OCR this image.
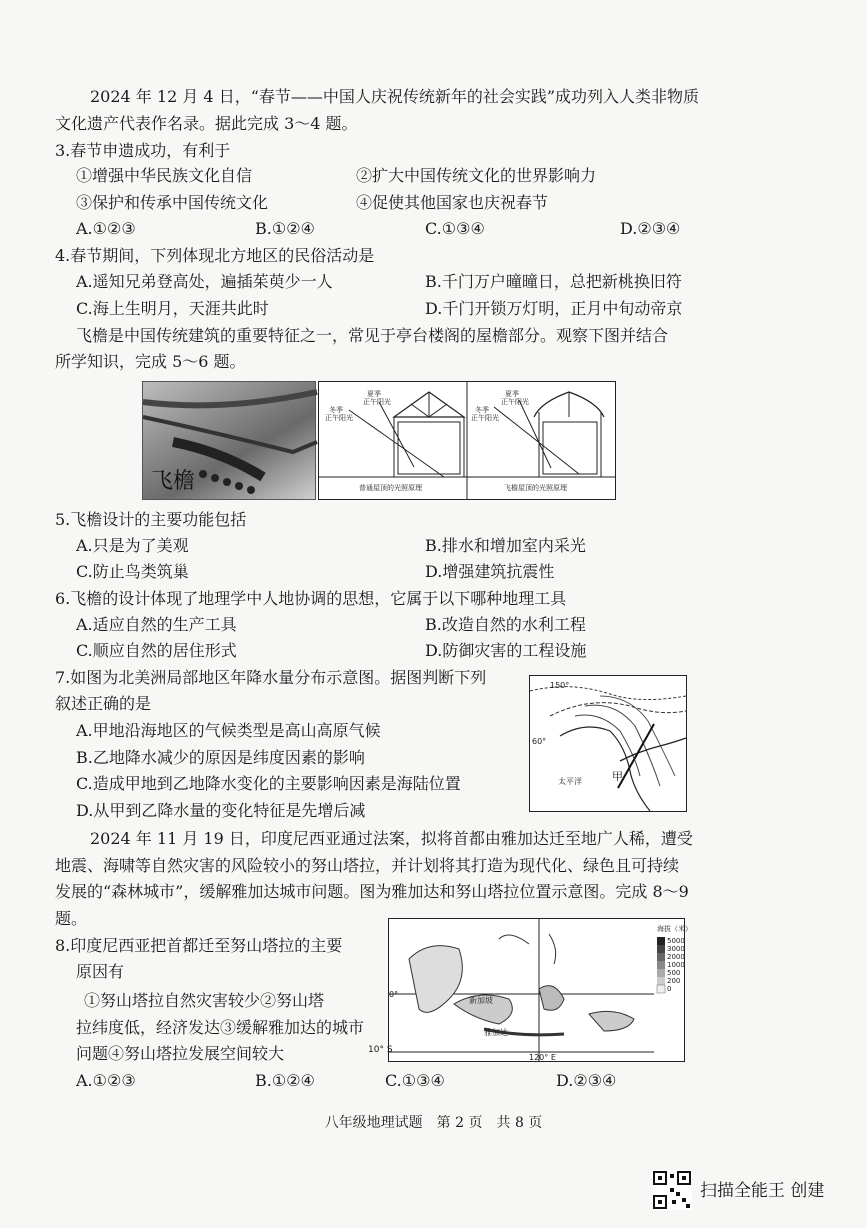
2024 年 12 月 4 日，“春节——中国人庆祝传统新年的社会实践”成功列入人类非物质
文化遗产代表作名录。据此完成 3～4 题。
3.春节申遗成功，有利于
①增强中华民族文化自信	②扩大中国传统文化的世界影响力
③保护和传承中国传统文化	④促使其他国家也庆祝春节
A.①②③	B.①②④	C.①③④	D.②③④
4.春节期间，下列体现北方地区的民俗活动是
A.遥知兄弟登高处，遍插茱萸少一人	B.千门万户曈曈日，总把新桃换旧符
C.海上生明月，天涯共此时	D.千门开锁万灯明，正月中旬动帝京
飞檐是中国传统建筑的重要特征之一，常见于亭台楼阁的屋檐部分。观察下图并结合
所学知识，完成 5～6 题。
飞檐
夏季
正午阳光
冬季
正午阳光
普通屋顶的光照原理
夏季
正午阳光
冬季
正午阳光
飞檐屋顶的光照原理
5.飞檐设计的主要功能包括
A.只是为了美观	B.排水和增加室内采光
C.防止鸟类筑巢	D.增强建筑抗震性
6.飞檐的设计体现了地理学中人地协调的思想，它属于以下哪种地理工具
A.适应自然的生产工具	B.改造自然的水利工程
C.顺应自然的居住形式	D.防御灾害的工程设施
7.如图为北美洲局部地区年降水量分布示意图。据图判断下列
叙述正确的是
A.甲地沿海地区的气候类型是高山高原气候
B.乙地降水减少的原因是纬度因素的影响
C.造成甲地到乙地降水变化的主要影响因素是海陆位置
D.从甲到乙降水量的变化特征是先增后减
150°
60°
太平洋	甲
2024 年 11 月 19 日，印度尼西亚通过法案，拟将首都由雅加达迁至地广人稀，遭受
地震、海啸等自然灾害的风险较小的努山塔拉，并计划将其打造为现代化、绿色且可持续
发展的“森林城市”，缓解雅加达城市问题。图为雅加达和努山塔拉位置示意图。完成 8～9
题。
8.印度尼西亚把首都迁至努山塔拉的主要
原因有
①努山塔拉自然灾害较少②努山塔
拉纬度低，经济发达③缓解雅加达的城市
问题④努山塔拉发展空间较大
A.①②③	B.①②④	C.①③④	D.②③④
新加坡
雅加达
0°
120° E
海拔（米）
5000
3000
2000
1000
500
200
0
10° S
八年级地理试题　第 2 页　共 8 页
扫描全能王 创建
